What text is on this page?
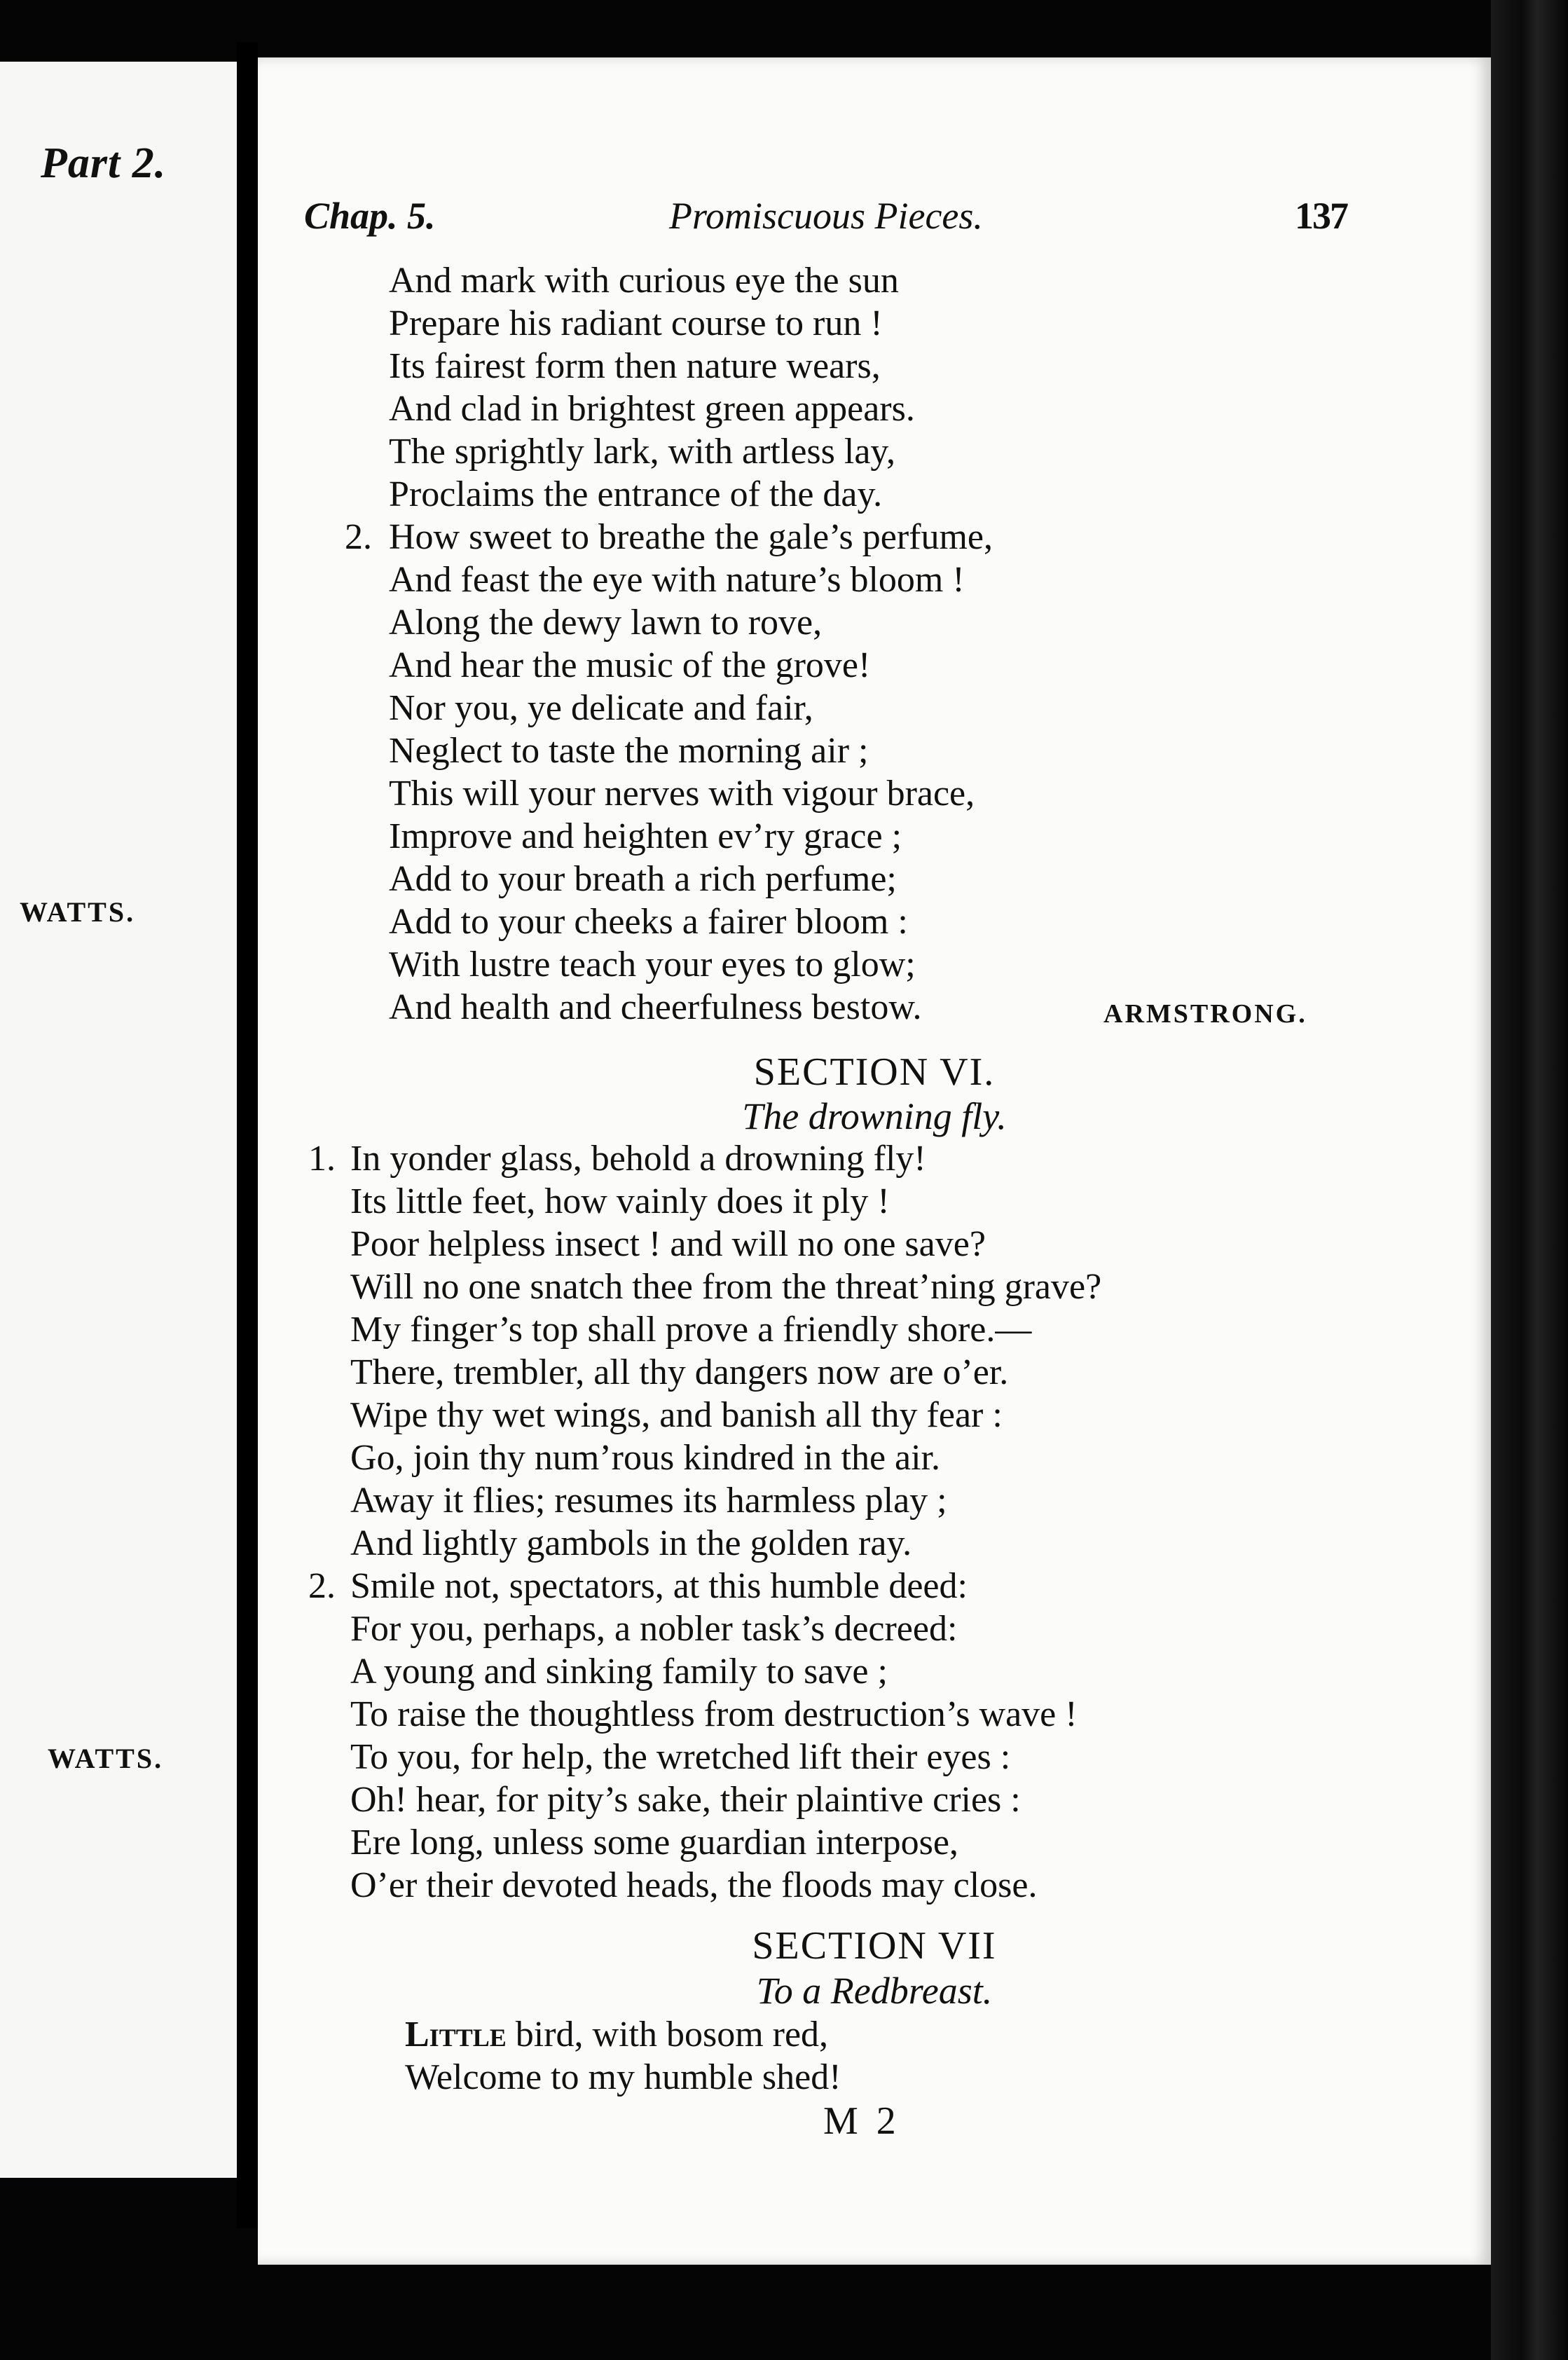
Part 2.
WATTS.
WATTS.
Chap. 5.	Promiscuous Pieces.	137
And mark with curious eye the sun
Prepare his radiant course to run !
Its fairest form then nature wears,
And clad in brightest green appears.
The sprightly lark, with artless lay,
Proclaims the entrance of the day.
2. How sweet to breathe the gale’s perfume,
And feast the eye with nature’s bloom !
Along the dewy lawn to rove,
And hear the music of the grove!
Nor you, ye delicate and fair,
Neglect to taste the morning air ;
This will your nerves with vigour brace,
Improve and heighten ev’ry grace ;
Add to your breath a rich perfume;
Add to your cheeks a fairer bloom :
With lustre teach your eyes to glow;
And health and cheerfulness bestow.	ARMSTRONG.
SECTION VI.
The drowning fly.
1. In yonder glass, behold a drowning fly!
Its little feet, how vainly does it ply !
Poor helpless insect ! and will no one save?
Will no one snatch thee from the threat’ning grave?
My finger’s top shall prove a friendly shore.—
There, trembler, all thy dangers now are o’er.
Wipe thy wet wings, and banish all thy fear :
Go, join thy num’rous kindred in the air.
Away it flies; resumes its harmless play ;
And lightly gambols in the golden ray.
2. Smile not, spectators, at this humble deed:
For you, perhaps, a nobler task’s decreed:
A young and sinking family to save ;
To raise the thoughtless from destruction’s wave !
To you, for help, the wretched lift their eyes :
Oh! hear, for pity’s sake, their plaintive cries :
Ere long, unless some guardian interpose,
O’er their devoted heads, the floods may close.
SECTION VII
To a Redbreast.
Little bird, with bosom red,
Welcome to my humble shed!
M 2
